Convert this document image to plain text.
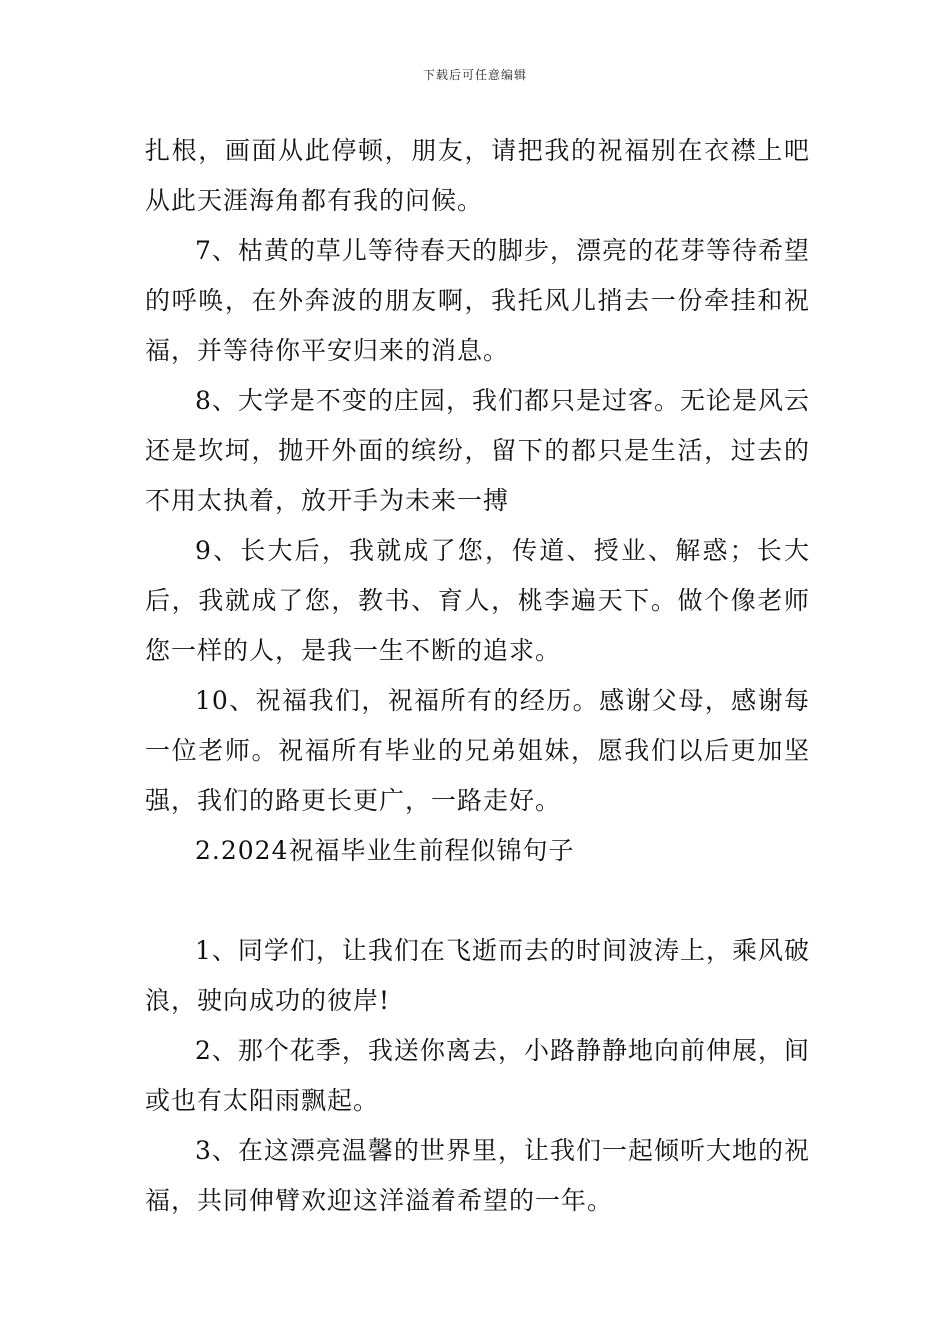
下载后可任意编辑

扎根，画面从此停顿，朋友，请把我的祝福别在衣襟上吧从此天涯海角都有我的问候。

7、枯黄的草儿等待春天的脚步，漂亮的花芽等待希望的呼唤，在外奔波的朋友啊，我托风儿捎去一份牵挂和祝福，并等待你平安归来的消息。

8、大学是不变的庄园，我们都只是过客。无论是风云还是坎坷，抛开外面的缤纷，留下的都只是生活，过去的不用太执着，放开手为未来一搏

9、长大后，我就成了您，传道、授业、解惑；长大后，我就成了您，教书、育人，桃李遍天下。做个像老师您一样的人，是我一生不断的追求。

10、祝福我们，祝福所有的经历。感谢父母，感谢每一位老师。祝福所有毕业的兄弟姐妹，愿我们以后更加坚强，我们的路更长更广，一路走好。

2.2024祝福毕业生前程似锦句子

1、同学们，让我们在飞逝而去的时间波涛上，乘风破浪，驶向成功的彼岸!

2、那个花季，我送你离去，小路静静地向前伸展，间或也有太阳雨飘起。

3、在这漂亮温馨的世界里，让我们一起倾听大地的祝福，共同伸臂欢迎这洋溢着希望的一年。
